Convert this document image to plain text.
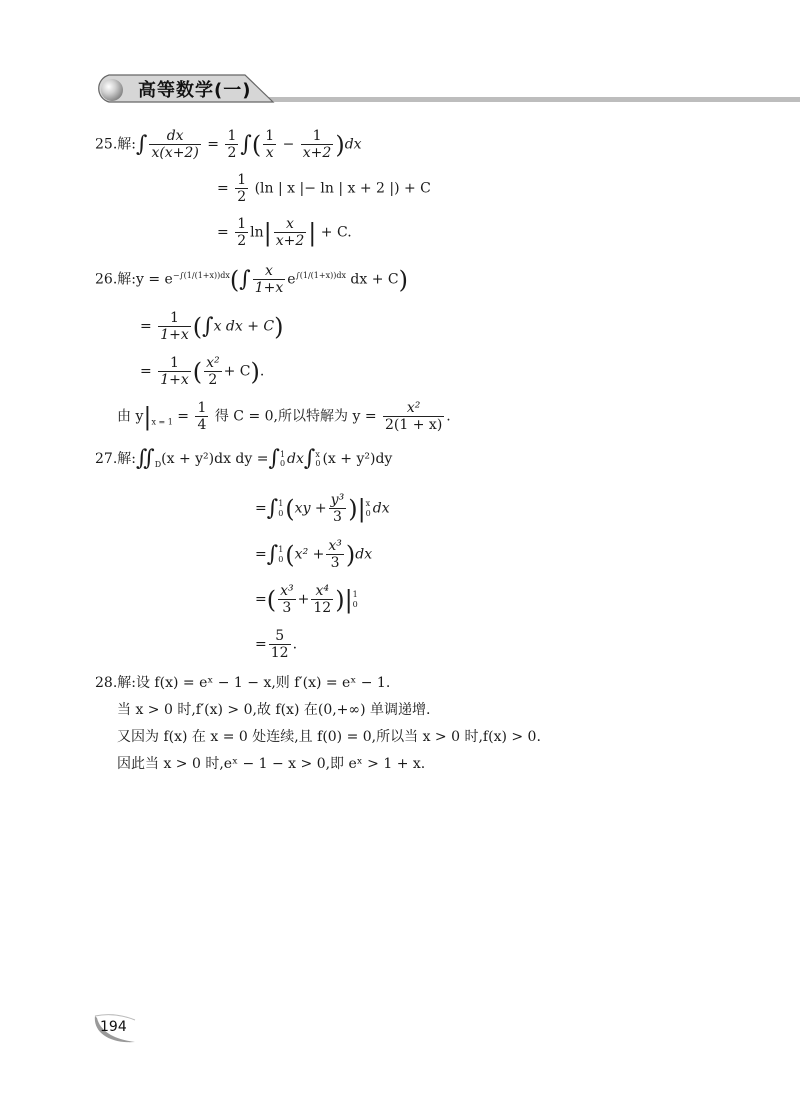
高等数学(一)
25.解:∫ $\frac{dx}{x(x+2)} = \frac{1}{2}$ ∫( $\frac{1}{x} - \frac{1}{x+2} )dx$
= $\frac{1}{2} (\ln$ | x |− ln | x + 2 |) + C
= $\frac{1}{2} \ln| \frac{x}{x+2}$ | + C.
26.解:y = $e^{-\int(1/(1+x))dx}(\int \frac{x}{1+x} e^{\int(1/(1+x))dx}$ dx + C)
= $\frac{1}{1+x} (\int x$ dx + C)
= $\frac{1}{1+x}$ ( $\frac{\text{x²}}{2} + C$).
由 $y|_{x = 1} = \frac{1}{4}$ 得 C = 0,所以特解为 $y = \frac{\text{x²}}{2(1 + x)}$ .
27.解$:∬_D(x + y^2)dx$ dy =∫1
0 dx∫x
0 (x + y²)dy
=∫1
$0(xy + \frac{\text{y³}}{3} )|x$
0 dx
=∫1
$0(x^2 + \frac{\text{x³}}{3} )dx$
=( $\frac{\text{x³}}{3} + \frac{\text{x⁴}}{12} )|1$
0
= $\frac{5}{12}$ .
28.解:设 f(x) = eˣ − 1 − x,则 f′(x) = eˣ − 1.
当 x > 0 时,f′(x) > 0,故 f(x) 在(0,+∞) 单调递增.
又因为 f(x) 在 x = 0 处连续,且 f(0) = 0,所以当 x > 0 时,f(x) > 0.
因此当 x > 0 时,eˣ − 1 − x > 0,即 eˣ > 1 + x.
194
